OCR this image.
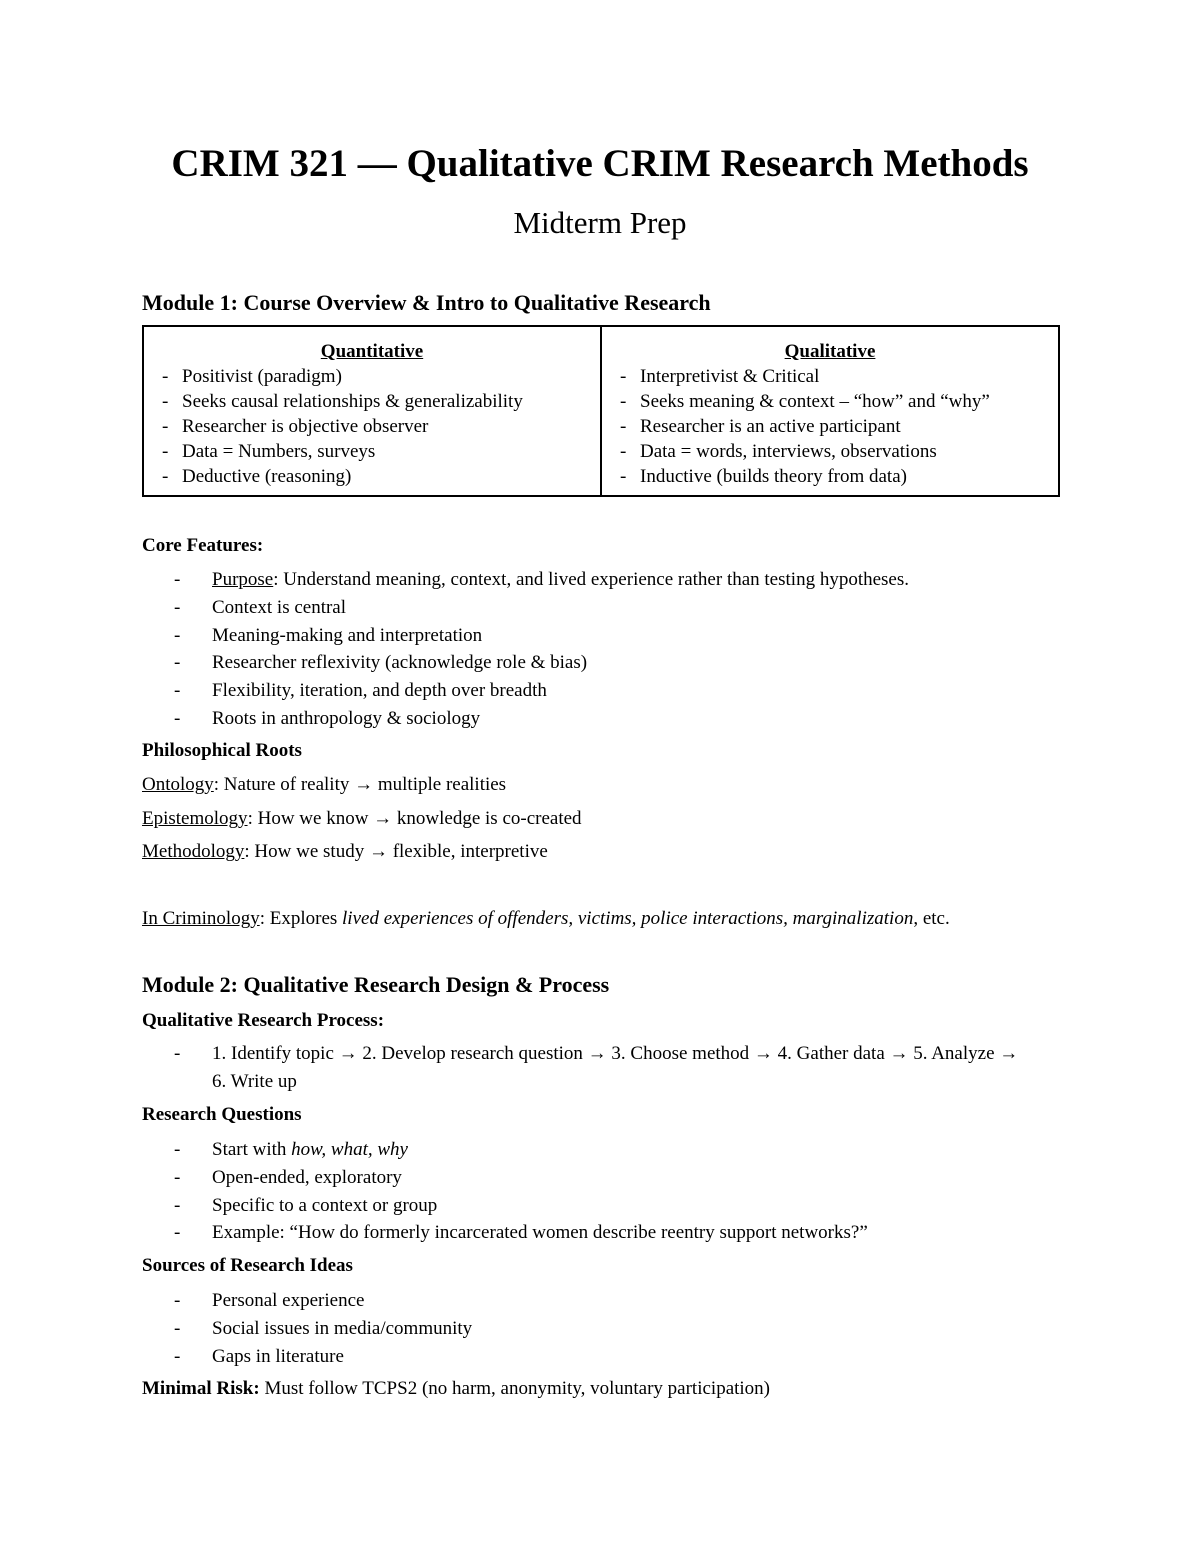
CRIM 321 — Qualitative CRIM Research Methods
Midterm Prep
Module 1: Course Overview & Intro to Qualitative Research
Quantitative
- Positivist (paradigm)
- Seeks causal relationships & generalizability
- Researcher is objective observer
- Data = Numbers, surveys
- Deductive (reasoning)
Qualitative
- Interpretivist & Critical
- Seeks meaning & context – “how” and “why”
- Researcher is an active participant
- Data = words, interviews, observations
- Inductive (builds theory from data)
Core Features:
- Purpose: Understand meaning, context, and lived experience rather than testing hypotheses.
- Context is central
- Meaning-making and interpretation
- Researcher reflexivity (acknowledge role & bias)
- Flexibility, iteration, and depth over breadth
- Roots in anthropology & sociology
Philosophical Roots
Ontology: Nature of reality → multiple realities
Epistemology: How we know → knowledge is co-created
Methodology: How we study → flexible, interpretive
In Criminology: Explores lived experiences of offenders, victims, police interactions, marginalization, etc.
Module 2: Qualitative Research Design & Process
Qualitative Research Process:
- 1. Identify topic → 2. Develop research question → 3. Choose method → 4. Gather data → 5. Analyze → 6. Write up
Research Questions
- Start with how, what, why
- Open-ended, exploratory
- Specific to a context or group
- Example: “How do formerly incarcerated women describe reentry support networks?”
Sources of Research Ideas
- Personal experience
- Social issues in media/community
- Gaps in literature
Minimal Risk: Must follow TCPS2 (no harm, anonymity, voluntary participation)
